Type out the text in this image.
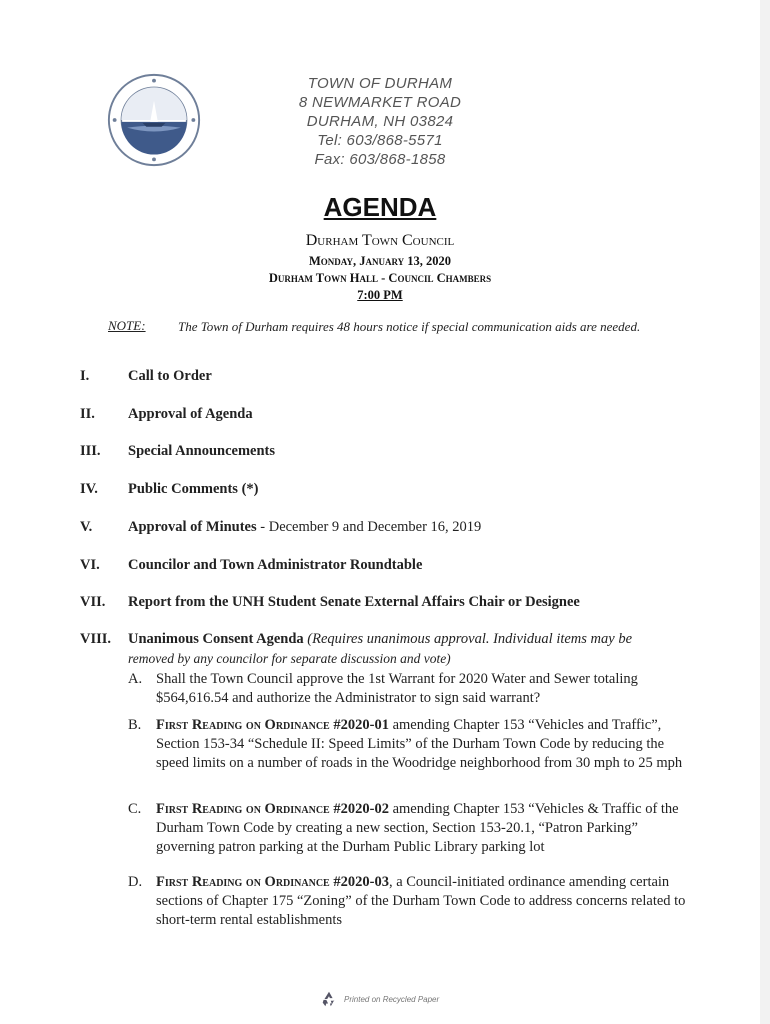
TOWN OF DURHAM
8 NEWMARKET ROAD
DURHAM, NH 03824
Tel: 603/868-5571
Fax: 603/868-1858
AGENDA
Durham Town Council
Monday, January 13, 2020
Durham Town Hall - Council Chambers
7:00 PM
NOTE: The Town of Durham requires 48 hours notice if special communication aids are needed.
I.	Call to Order
II. Approval of Agenda
III. Special Announcements
IV. Public Comments (*)
V. Approval of Minutes - December 9 and December 16, 2019
VI. Councilor and Town Administrator Roundtable
VII. Report from the UNH Student Senate External Affairs Chair or Designee
VIII. Unanimous Consent Agenda (Requires unanimous approval. Individual items may be
removed by any councilor for separate discussion and vote)
A. Shall the Town Council approve the 1st Warrant for 2020 Water and Sewer totaling $564,616.54 and authorize the Administrator to sign said warrant?
B. First Reading on Ordinance #2020-01 amending Chapter 153 “Vehicles and Traffic”, Section 153-34 “Schedule II: Speed Limits” of the Durham Town Code by reducing the speed limits on a number of roads in the Woodridge neighborhood from 30 mph to 25 mph
C. First Reading on Ordinance #2020-02 amending Chapter 153 “Vehicles & Traffic of the Durham Town Code by creating a new section, Section 153-20.1, “Patron Parking” governing patron parking at the Durham Public Library parking lot
D. First Reading on Ordinance #2020-03, a Council-initiated ordinance amending certain sections of Chapter 175 “Zoning” of the Durham Town Code to address concerns related to short-term rental establishments
Printed on Recycled Paper
